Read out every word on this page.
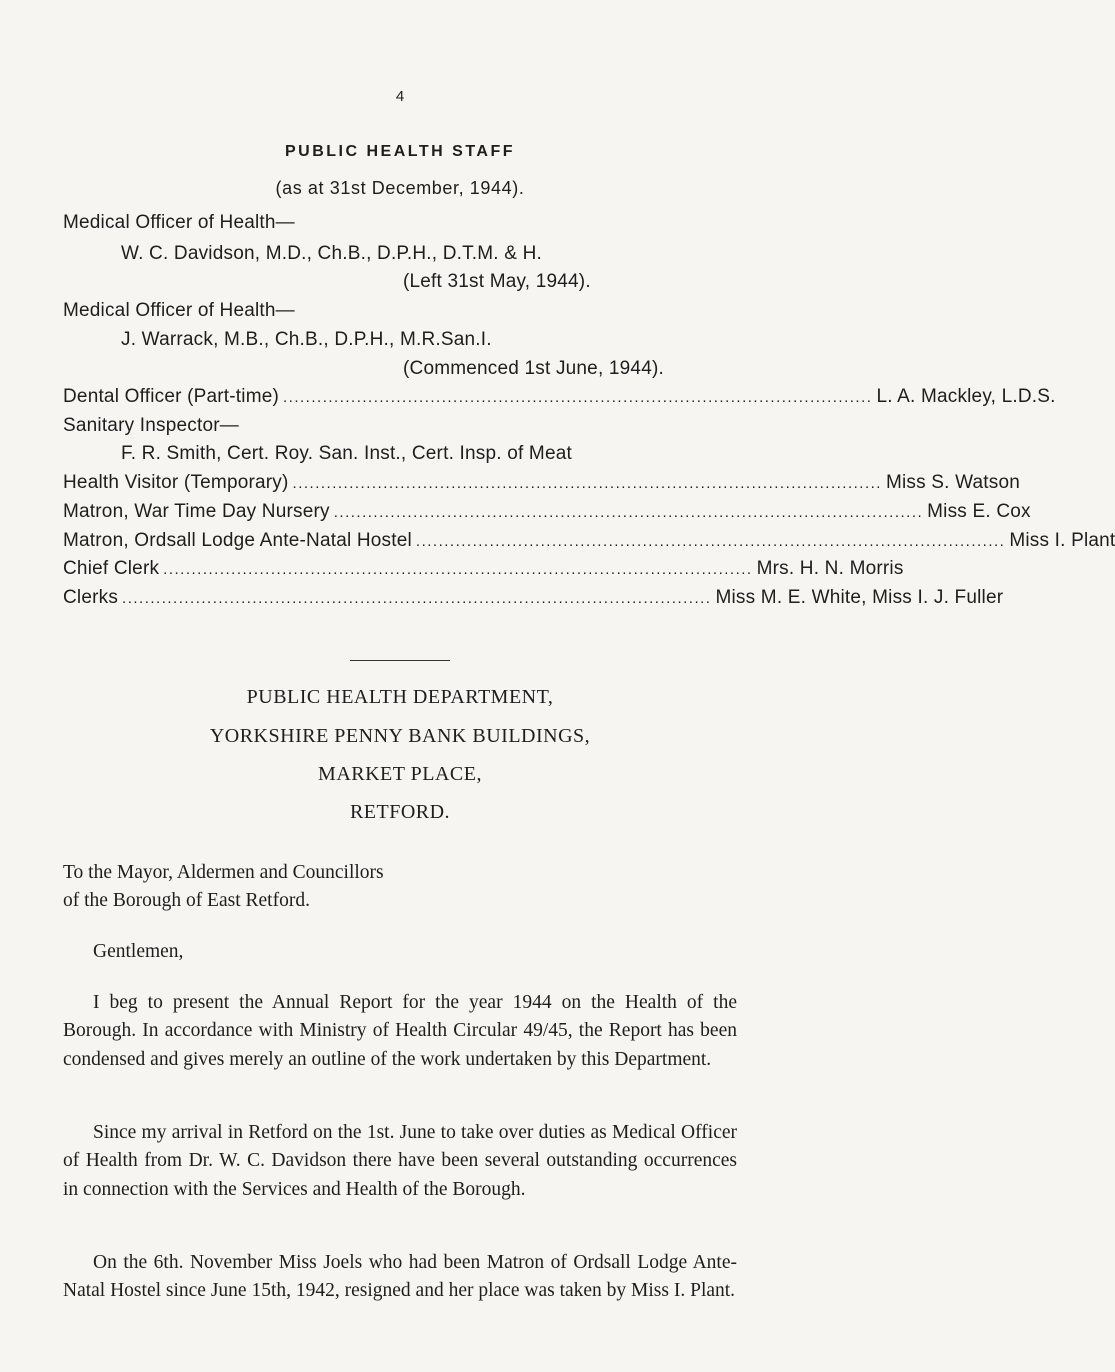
4
PUBLIC HEALTH STAFF
(as at 31st December, 1944).
Medical Officer of Health—
W. C. Davidson, M.D., Ch.B., D.P.H., D.T.M. & H.
(Left 31st May, 1944).
Medical Officer of Health—
J. Warrack, M.B., Ch.B., D.P.H., M.R.San.I.
(Commenced 1st June, 1944).
Dental Officer (Part-time) ........................................................................................................ L. A. Mackley, L.D.S.
Sanitary Inspector—
F. R. Smith, Cert. Roy. San. Inst., Cert. Insp. of Meat
Health Visitor (Temporary) ........................................................................................................ Miss S. Watson
Matron, War Time Day Nursery ........................................................................................................ Miss E. Cox
Matron, Ordsall Lodge Ante-Natal Hostel ........................................................................................................ Miss I. Plant
Chief Clerk ........................................................................................................ Mrs. H. N. Morris
Clerks ........................................................................................................ Miss M. E. White, Miss I. J. Fuller
PUBLIC HEALTH DEPARTMENT,
YORKSHIRE PENNY BANK BUILDINGS,
MARKET PLACE,
RETFORD.
To the Mayor, Aldermen and Councillors
of the Borough of East Retford.
Gentlemen,

I beg to present the Annual Report for the year 1944 on the Health of the Borough. In accordance with Ministry of Health Circular 49/45, the Report has been condensed and gives merely an outline of the work undertaken by this Department.

Since my arrival in Retford on the 1st. June to take over duties as Medical Officer of Health from Dr. W. C. Davidson there have been several outstanding occurrences in connection with the Services and Health of the Borough.

On the 6th. November Miss Joels who had been Matron of Ordsall Lodge Ante-Natal Hostel since June 15th, 1942, resigned and her place was taken by Miss I. Plant.
